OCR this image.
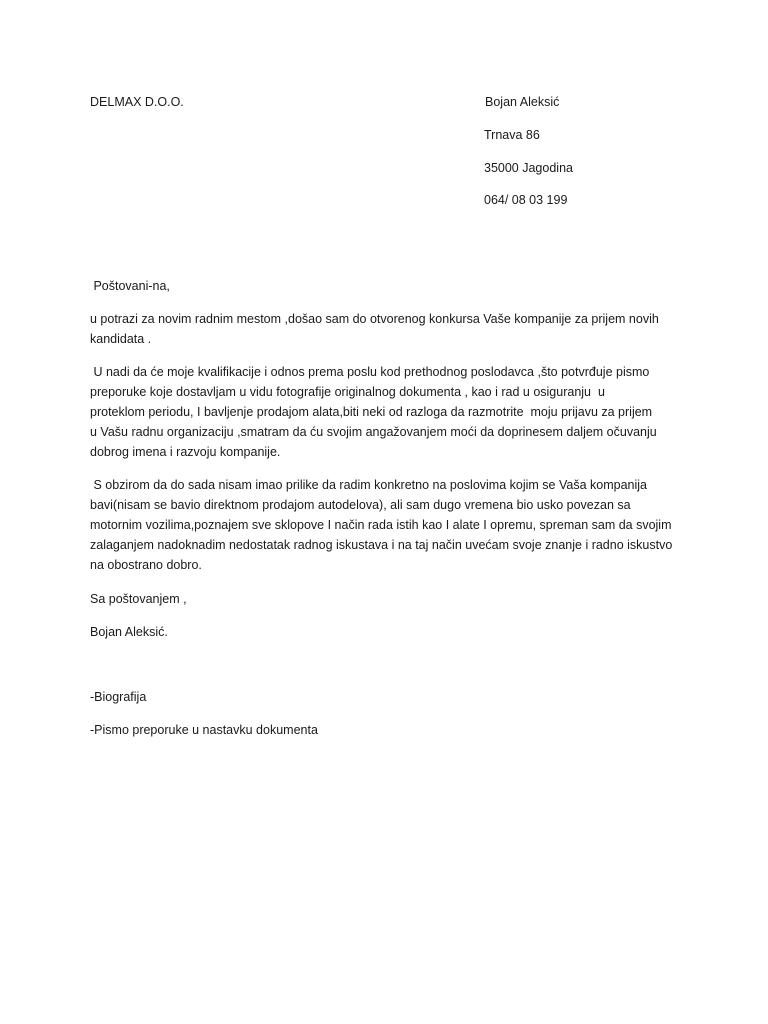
DELMAX D.O.O.	Bojan Aleksić
Trnava 86
35000 Jagodina
064/ 08 03 199
Poštovani-na,
u potrazi za novim radnim mestom ,došao sam do otvorenog konkursa Vaše kompanije za prijem novih
kandidata .
U nadi da će moje kvalifikacije i odnos prema poslu kod prethodnog poslodavca ,što potvrđuje pismo
preporuke koje dostavljam u vidu fotografije originalnog dokumenta , kao i rad u osiguranju  u
proteklom periodu, I bavljenje prodajom alata,biti neki od razloga da razmotrite  moju prijavu za prijem
u Vašu radnu organizaciju ,smatram da ću svojim angažovanjem moći da doprinesem daljem očuvanju
dobrog imena i razvoju kompanije.
S obzirom da do sada nisam imao prilike da radim konkretno na poslovima kojim se Vaša kompanija
bavi(nisam se bavio direktnom prodajom autodelova), ali sam dugo vremena bio usko povezan sa
motornim vozilima,poznajem sve sklopove I način rada istih kao I alate I opremu, spreman sam da svojim
zalaganjem nadoknadim nedostatak radnog iskustava i na taj način uvećam svoje znanje i radno iskustvo
na obostrano dobro.
Sa poštovanjem ,
Bojan Aleksić.
-Biografija
-Pismo preporuke u nastavku dokumenta
